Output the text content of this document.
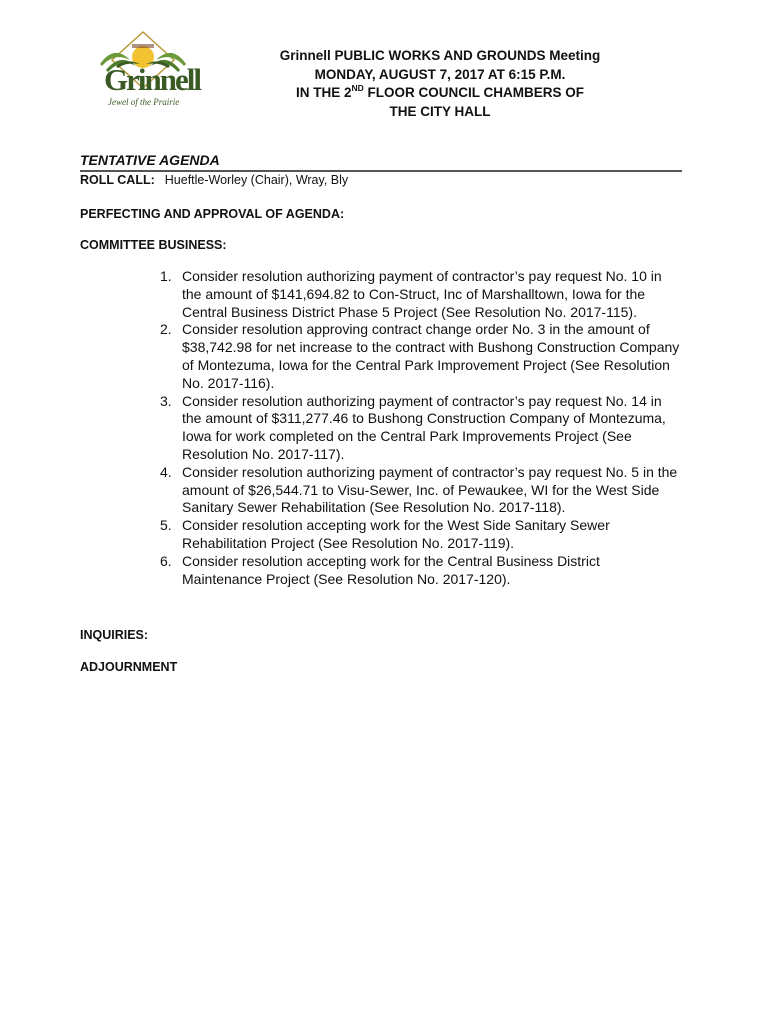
Grinnell
Jewel of the Prairie
Grinnell PUBLIC WORKS AND GROUNDS Meeting
MONDAY, AUGUST 7, 2017 AT 6:15 P.M.
IN THE 2ND FLOOR COUNCIL CHAMBERS OF
THE CITY HALL
TENTATIVE AGENDA
ROLL CALL: Hueftle-Worley (Chair), Wray, Bly
PERFECTING AND APPROVAL OF AGENDA:
COMMITTEE BUSINESS:
1. Consider resolution authorizing payment of contractor’s pay request No. 10 in the amount of $141,694.82 to Con-Struct, Inc of Marshalltown, Iowa for the Central Business District Phase 5 Project (See Resolution No. 2017-115).
2. Consider resolution approving contract change order No. 3 in the amount of $38,742.98 for net increase to the contract with Bushong Construction Company of Montezuma, Iowa for the Central Park Improvement Project (See Resolution No. 2017-116).
3. Consider resolution authorizing payment of contractor’s pay request No. 14 in the amount of $311,277.46 to Bushong Construction Company of Montezuma, Iowa for work completed on the Central Park Improvements Project (See Resolution No. 2017-117).
4. Consider resolution authorizing payment of contractor’s pay request No. 5 in the amount of $26,544.71 to Visu-Sewer, Inc. of Pewaukee, WI for the West Side Sanitary Sewer Rehabilitation (See Resolution No. 2017-118).
5. Consider resolution accepting work for the West Side Sanitary Sewer Rehabilitation Project (See Resolution No. 2017-119).
6. Consider resolution accepting work for the Central Business District Maintenance Project (See Resolution No. 2017-120).
INQUIRIES:
ADJOURNMENT
